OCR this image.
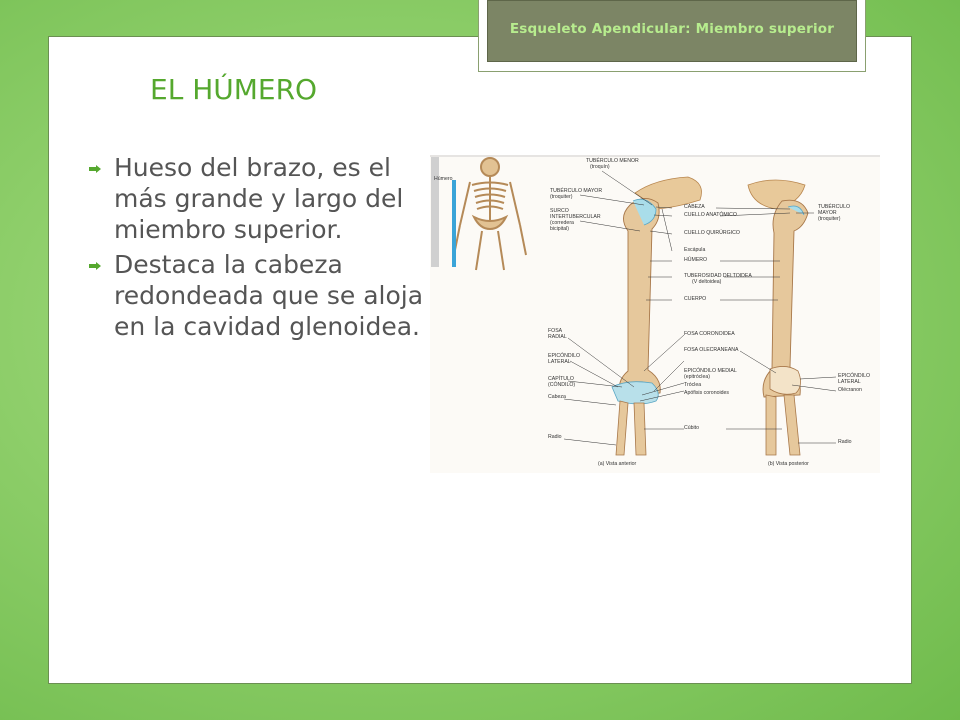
Esqueleto Apendicular: Miembro superior
EL HÚMERO
Hueso del brazo, es el más grande y largo del miembro superior.
Destaca la cabeza redondeada que se aloja en la cavidad glenoidea.
Húmero
TUBÉRCULO MENOR
(troquín)
TUBÉRCULO MAYOR
(troquiter)
SURCO
INTERTUBERCULAR
(corredera
bicipital)
CABEZA
CUELLO ANATÓMICO
CUELLO QUIRÚRGICO
Escápula
HÚMERO
TUBEROSIDAD DELTOIDEA
(V deltoidea)
CUERPO
TUBÉRCULO
MAYOR
(troquiter)
FOSA
RADIAL
EPICÓNDILO
LATERAL
CAPÍTULO
(CÓNDILO)
Cabeza
Radio
FOSA CORONOIDEA
FOSA OLECRANEANA
EPICÓNDILO MEDIAL
(epitróclea)
Tróclea
Apófisis coronoides
Cúbito
EPICÓNDILO
LATERAL
Olécranon
Radio
(a) Vista anterior	(b) Vista posterior
